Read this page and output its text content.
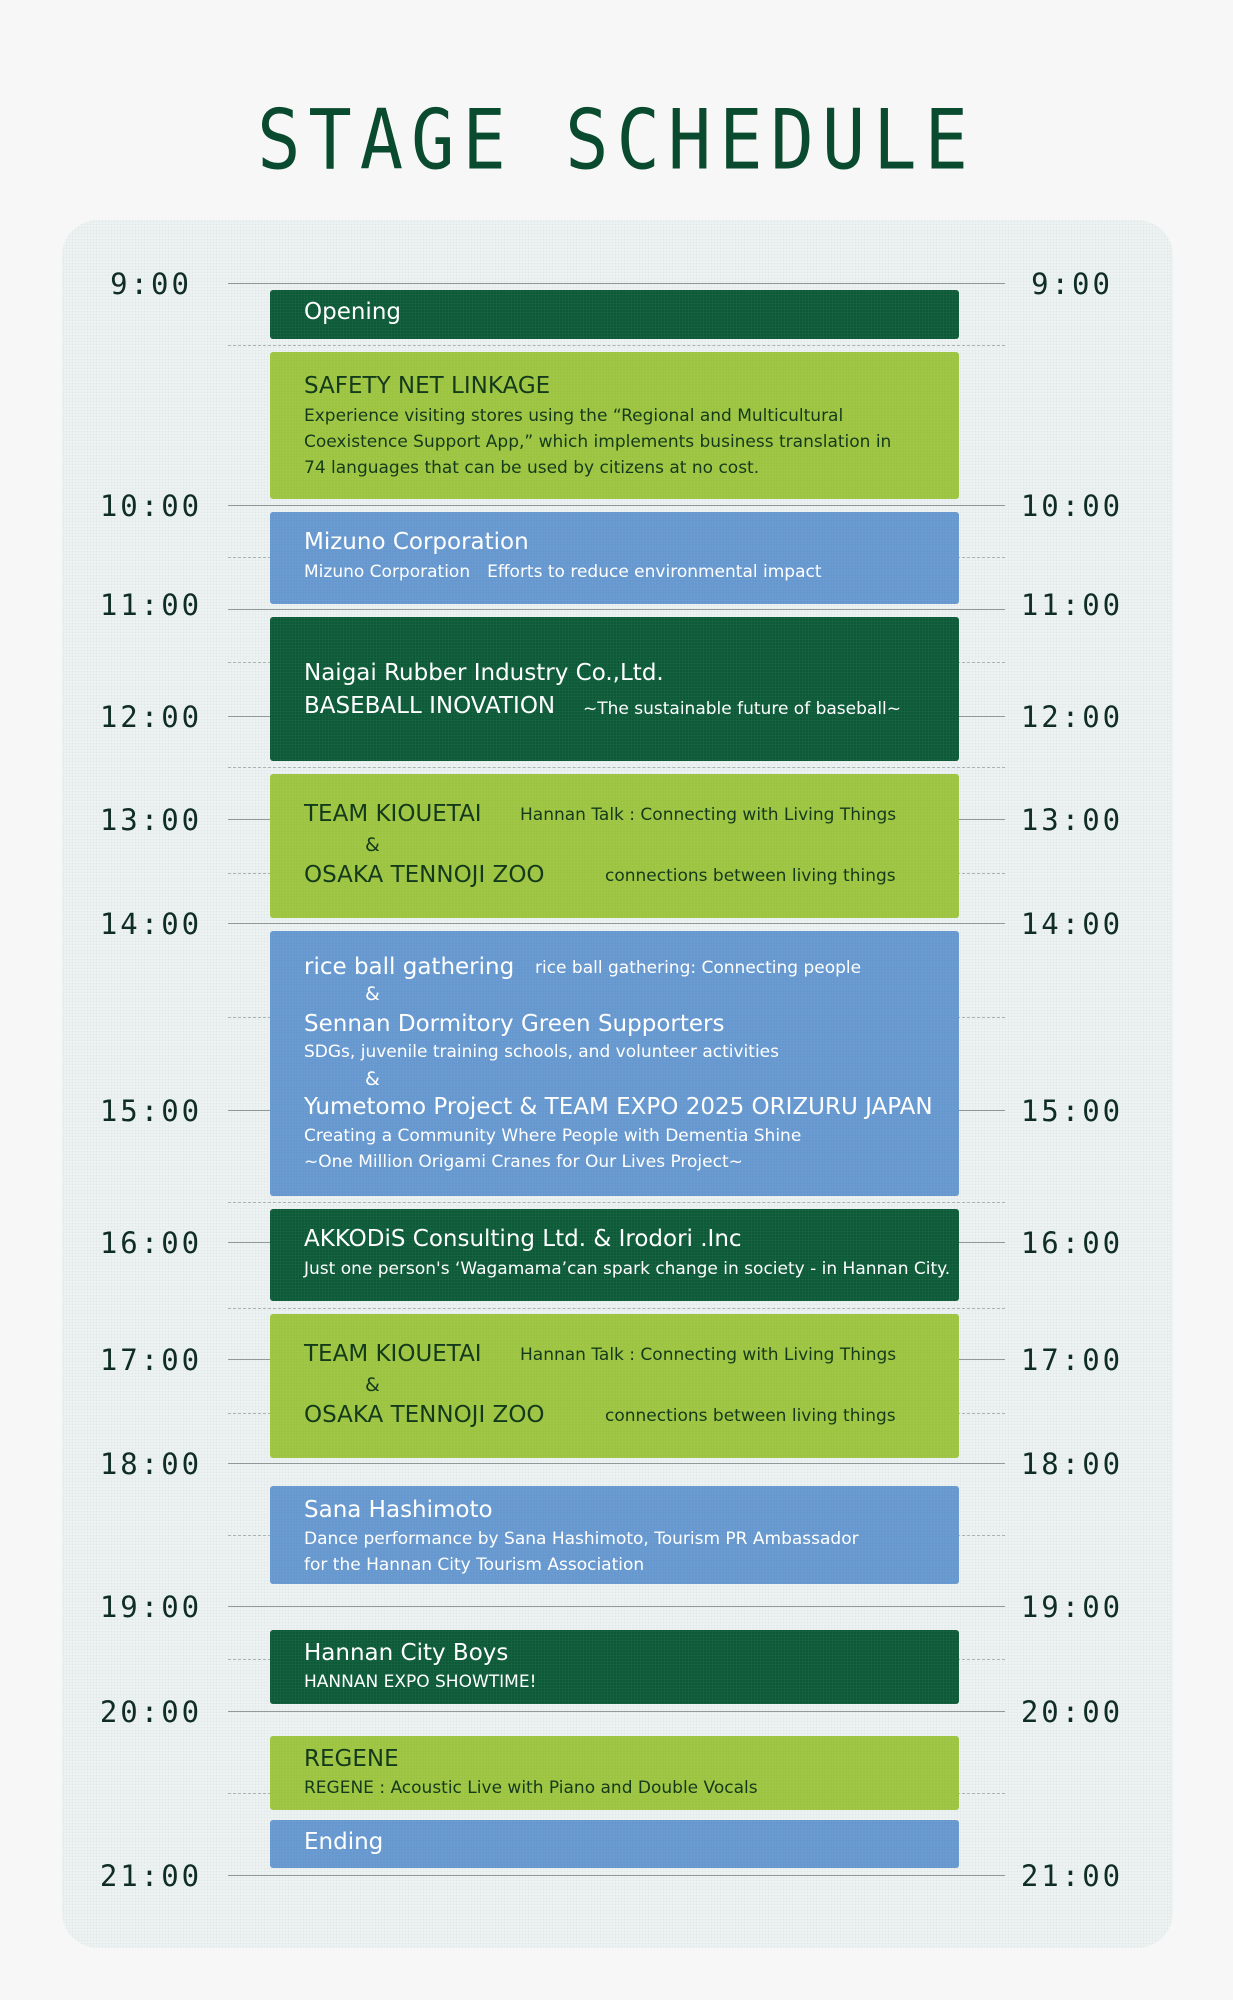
STAGE SCHEDULE
9:00
10:00
11:00
12:00
13:00
14:00
15:00
16:00
17:00
18:00
19:00
20:00
21:00
9:00
10:00
11:00
12:00
13:00
14:00
15:00
16:00
17:00
18:00
19:00
20:00
21:00
Opening
SAFETY NET LINKAGE
Experience visiting stores using the “Regional and Multicultural
Coexistence Support App,” which implements business translation in
74 languages that can be used by citizens at no cost.
Mizuno Corporation
Mizuno Corporation　Efforts to reduce environmental impact
Naigai Rubber Industry Co.,Ltd.
BASEBALL INOVATION ~The sustainable future of baseball~
TEAM KIOUETAI Hannan Talk : Connecting with Living Things
&
OSAKA TENNOJI ZOO	connections between living things
rice ball gathering rice ball gathering: Connecting people
&
Sennan Dormitory Green Supporters
SDGs, juvenile training schools, and volunteer activities
&
Yumetomo Project & TEAM EXPO 2025 ORIZURU JAPAN
Creating a Community Where People with Dementia Shine
~One Million Origami Cranes for Our Lives Project~
AKKODiS Consulting Ltd. & Irodori .Inc
Just one person's ‘Wagamama’can spark change in society - in Hannan City.
TEAM KIOUETAI Hannan Talk : Connecting with Living Things
&
OSAKA TENNOJI ZOO	connections between living things
Sana Hashimoto
Dance performance by Sana Hashimoto, Tourism PR Ambassador
for the Hannan City Tourism Association
Hannan City Boys
HANNAN EXPO SHOWTIME!
REGENE
REGENE : Acoustic Live with Piano and Double Vocals
Ending
